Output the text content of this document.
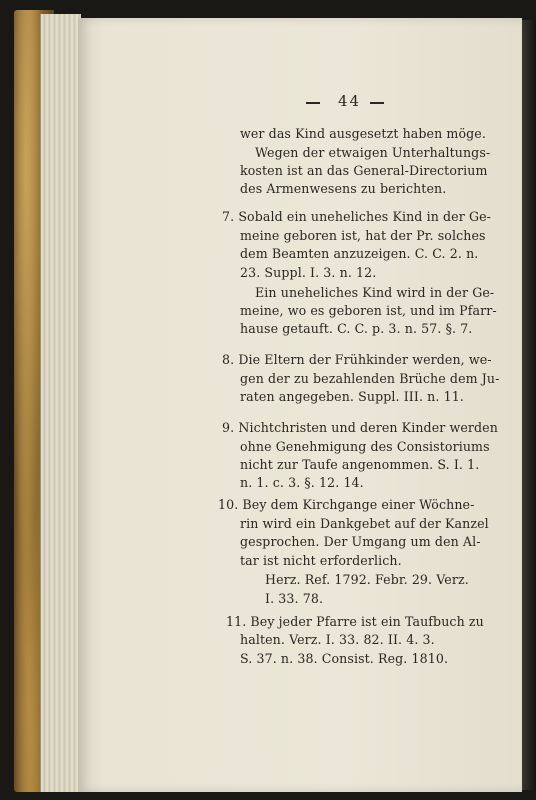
44
wer das Kind ausgesetzt haben möge.
Wegen der etwaigen Unterhaltungs-
kosten ist an das General-Directorium
des Armenwesens zu berichten.
7. Sobald ein uneheliches Kind in der Ge-
meine geboren ist, hat der Pr. solches
dem Beamten anzuzeigen. C. C. 2. n.
23. Suppl. I. 3. n. 12.
Ein uneheliches Kind wird in der Ge-
meine, wo es geboren ist, und im Pfarr-
hause getauft. C. C. p. 3. n. 57. §. 7.
8. Die Eltern der Frühkinder werden, we-
gen der zu bezahlenden Brüche dem Ju-
raten angegeben. Suppl. III. n. 11.
9. Nichtchristen und deren Kinder werden
ohne Genehmigung des Consistoriums
nicht zur Taufe angenommen. S. I. 1.
n. 1. c. 3. §. 12. 14.
10. Bey dem Kirchgange einer Wöchne-
rin wird ein Dankgebet auf der Kanzel
gesprochen. Der Umgang um den Al-
tar ist nicht erforderlich.
Herz. Ref. 1792. Febr. 29. Verz.
I. 33. 78.
11. Bey jeder Pfarre ist ein Taufbuch zu
halten. Verz. I. 33. 82. II. 4. 3.
S. 37. n. 38. Consist. Reg. 1810.
